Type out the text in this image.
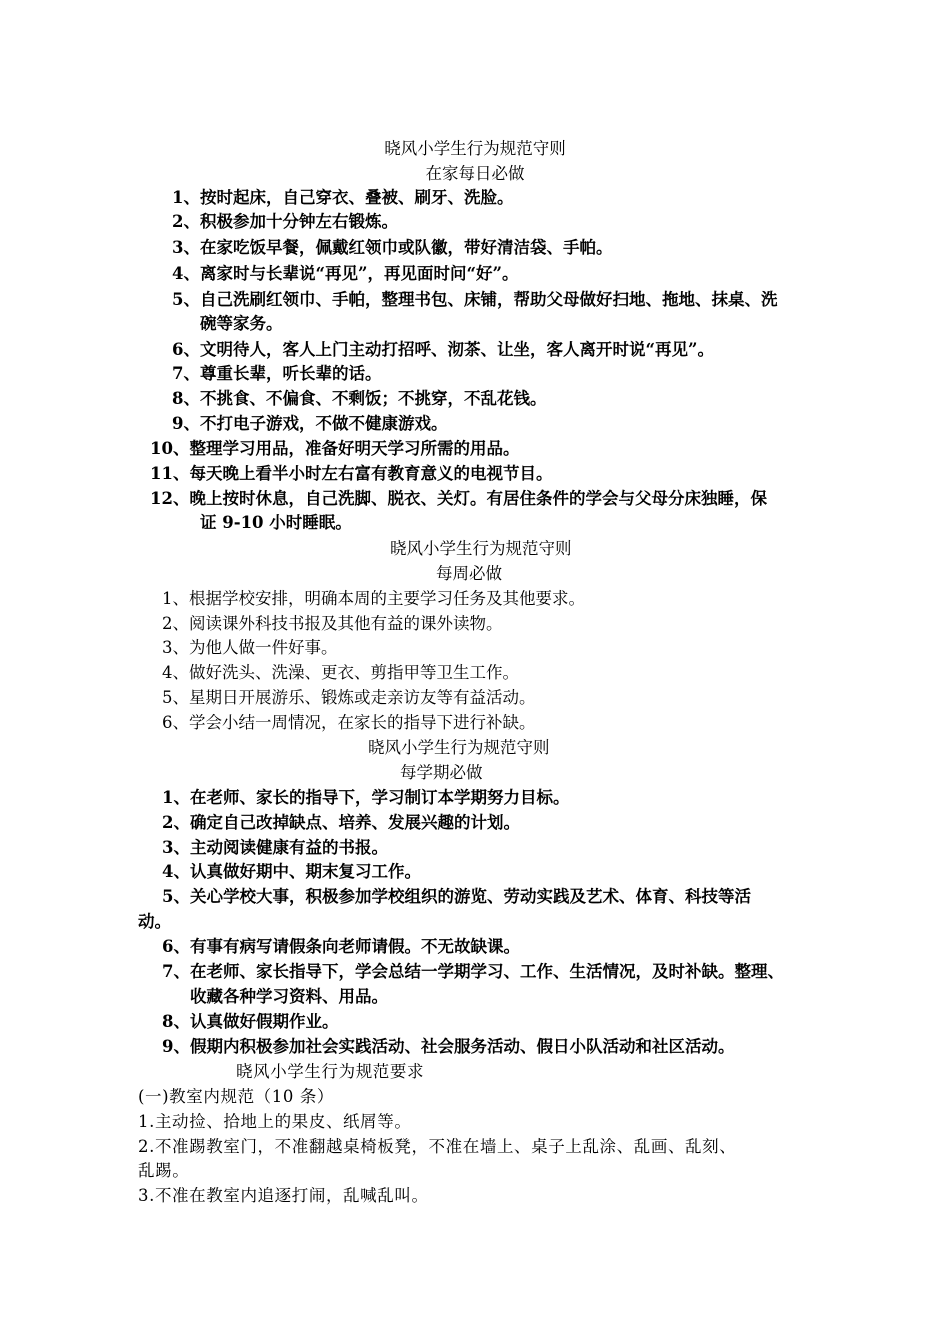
晓风小学生行为规范守则
在家每日必做
1、按时起床，自己穿衣、叠被、刷牙、洗脸。
2、积极参加十分钟左右锻炼。
3、在家吃饭早餐，佩戴红领巾或队徽，带好清洁袋、手帕。
4、离家时与长辈说“再见”，再见面时问“好”。
5、自己洗刷红领巾、手帕，整理书包、床铺，帮助父母做好扫地、拖地、抹桌、洗
碗等家务。
6、文明待人，客人上门主动打招呼、沏茶、让坐，客人离开时说“再见”。
7、尊重长辈，听长辈的话。
8、不挑食、不偏食、不剩饭；不挑穿，不乱花钱。
9、不打电子游戏，不做不健康游戏。
10、整理学习用品，准备好明天学习所需的用品。
11、每天晚上看半小时左右富有教育意义的电视节目。
12、晚上按时休息，自己洗脚、脱衣、关灯。有居住条件的学会与父母分床独睡，保
证 9-10 小时睡眠。
晓风小学生行为规范守则
每周必做
1、根据学校安排，明确本周的主要学习任务及其他要求。
2、阅读课外科技书报及其他有益的课外读物。
3、为他人做一件好事。
4、做好洗头、洗澡、更衣、剪指甲等卫生工作。
5、星期日开展游乐、锻炼或走亲访友等有益活动。
6、学会小结一周情况，在家长的指导下进行补缺。
晓风小学生行为规范守则
每学期必做
1、在老师、家长的指导下，学习制订本学期努力目标。
2、确定自己改掉缺点、培养、发展兴趣的计划。
3、主动阅读健康有益的书报。
4、认真做好期中、期末复习工作。
5、关心学校大事，积极参加学校组织的游览、劳动实践及艺术、体育、科技等活
动。
6、有事有病写请假条向老师请假。不无故缺课。
7、在老师、家长指导下，学会总结一学期学习、工作、生活情况，及时补缺。整理、
收藏各种学习资料、用品。
8、认真做好假期作业。
9、假期内积极参加社会实践活动、社会服务活动、假日小队活动和社区活动。
晓风小学生行为规范要求
(一)教室内规范（10 条）
1.主动捡、拾地上的果皮、纸屑等。
2.不准踢教室门，不准翻越桌椅板凳，不准在墙上、桌子上乱涂、乱画、乱刻、
乱踢。
3.不准在教室内追逐打闹，乱喊乱叫。
